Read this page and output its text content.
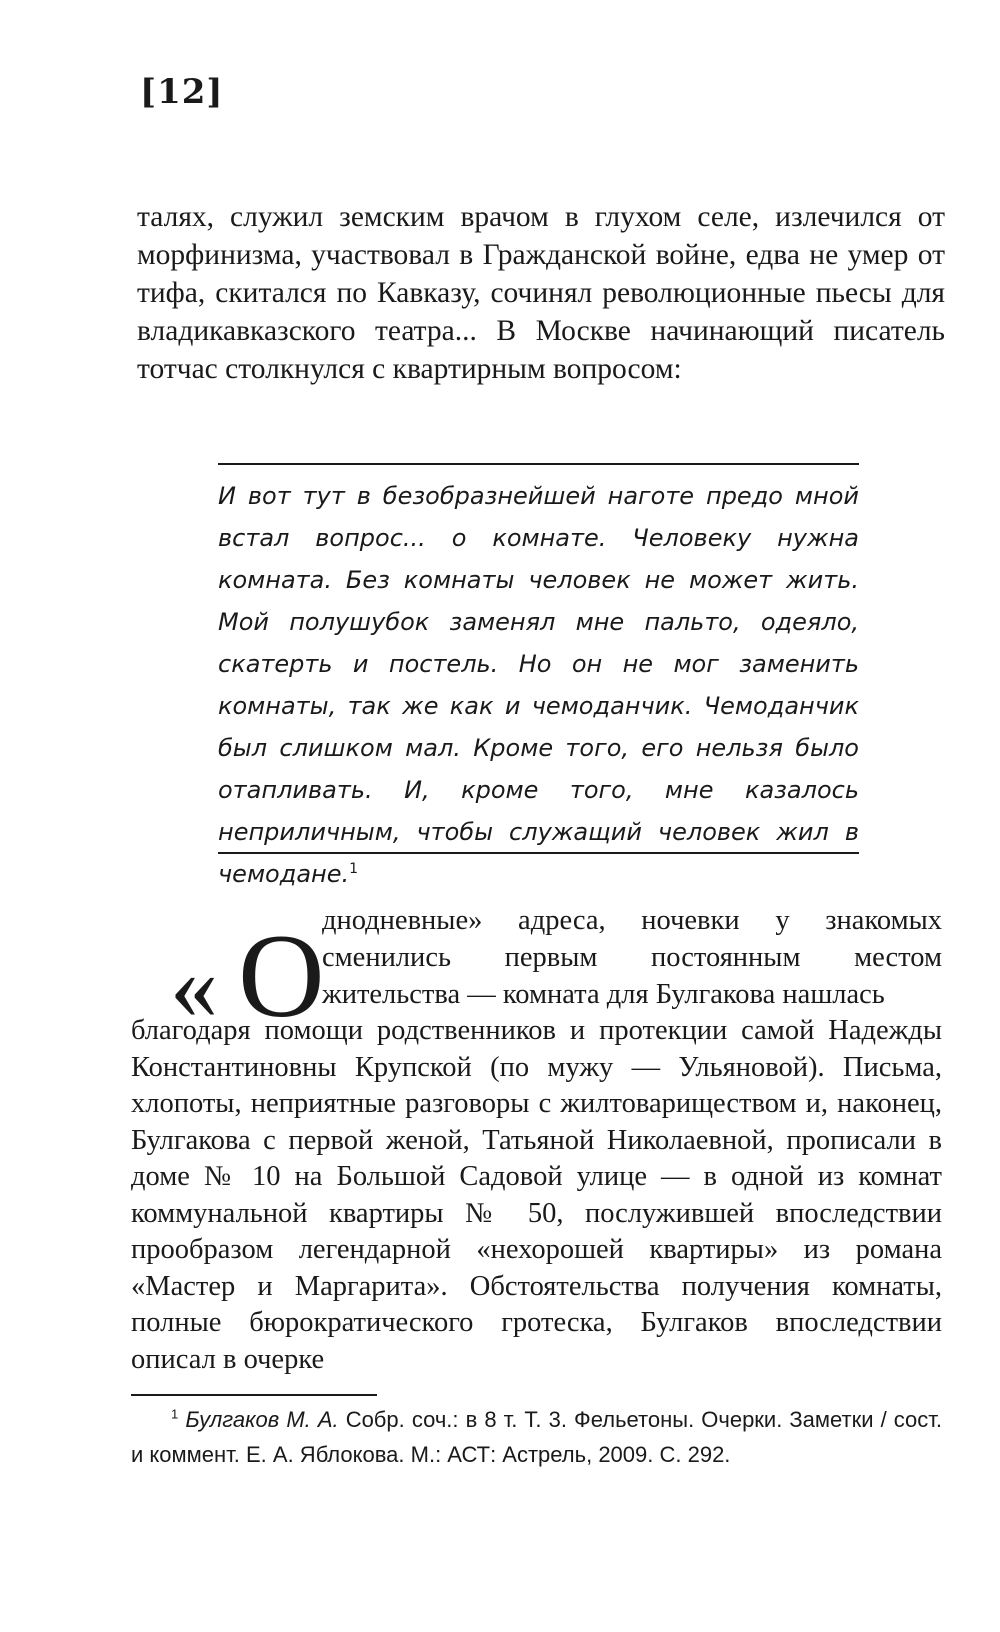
[12]

талях, служил земским врачом в глухом селе, излечился от морфинизма, участвовал в Гражданской войне, едва не умер от тифа, скитался по Кавказу, сочинял революционные пьесы для владикавказского театра... В Москве начинающий писатель тотчас столкнулся с квартирным вопросом:

И вот тут в безобразнейшей наготе предо мной встал вопрос... о комнате. Человеку нужна комната. Без комнаты человек не может жить. Мой полушубок заменял мне пальто, одеяло, скатерть и постель. Но он не мог заменить комнаты, так же как и чемоданчик. Чемоданчик был слишком мал. Кроме того, его нельзя было отапливать. И, кроме того, мне казалось неприличным, чтобы служащий человек жил в чемодане.$^1$

« О

днодневные» адреса, ночевки у знакомых сменились первым постоянным местом жительства — комната для Булгакова нашлась

благодаря помощи родственников и протекции самой Надежды Константиновны Крупской (по мужу — Ульяновой). Письма, хлопоты, неприятные разговоры с жилтовариществом и, наконец, Булгакова с первой женой, Татьяной Николаевной, прописали в доме № 10 на Большой Садовой улице — в одной из комнат коммунальной квартиры № 50, послужившей впоследствии прообразом легендарной «нехорошей квартиры» из романа «Мастер и Маргарита». Обстоятельства получения комнаты, полные бюрократического гротеска, Булгаков впоследствии описал в очерке

$^1$ Булгаков М. А. Собр. соч.: в 8 т. Т. 3. Фельетоны. Очерки. Заметки / сост. и коммент. Е. А. Яблокова. М.: АСТ: Астрель, 2009. С. 292.
